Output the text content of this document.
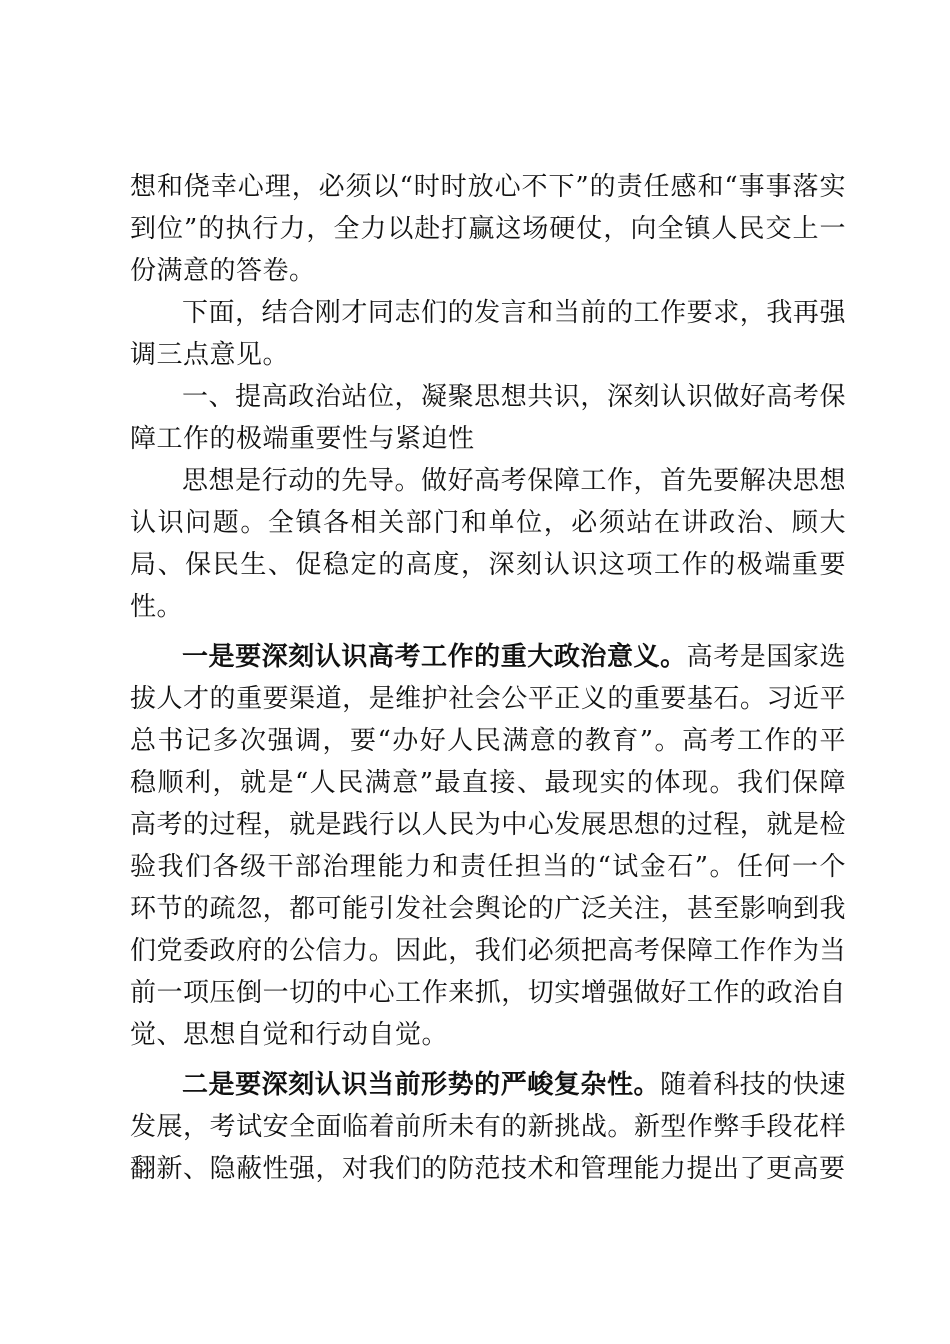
想和侥幸心理，必须以“时时放心不下”的责任感和“事事落实到位”的执行力，全力以赴打赢这场硬仗，向全镇人民交上一份满意的答卷。

下面，结合刚才同志们的发言和当前的工作要求，我再强调三点意见。

一、提高政治站位，凝聚思想共识，深刻认识做好高考保障工作的极端重要性与紧迫性

思想是行动的先导。做好高考保障工作，首先要解决思想认识问题。全镇各相关部门和单位，必须站在讲政治、顾大局、保民生、促稳定的高度，深刻认识这项工作的极端重要性。

一是要深刻认识高考工作的重大政治意义。高考是国家选拔人才的重要渠道，是维护社会公平正义的重要基石。习近平总书记多次强调，要“办好人民满意的教育”。高考工作的平稳顺利，就是“人民满意”最直接、最现实的体现。我们保障高考的过程，就是践行以人民为中心发展思想的过程，就是检验我们各级干部治理能力和责任担当的“试金石”。任何一个环节的疏忽，都可能引发社会舆论的广泛关注，甚至影响到我们党委政府的公信力。因此，我们必须把高考保障工作作为当前一项压倒一切的中心工作来抓，切实增强做好工作的政治自觉、思想自觉和行动自觉。

二是要深刻认识当前形势的严峻复杂性。随着科技的快速发展，考试安全面临着前所未有的新挑战。新型作弊手段花样翻新、隐蔽性强，对我们的防范技术和管理能力提出了更高要
